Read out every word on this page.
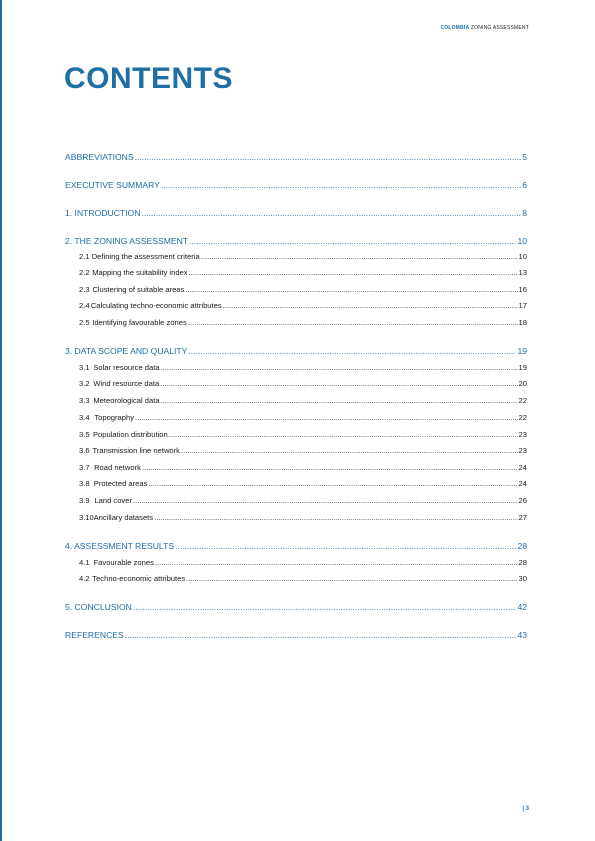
COLOMBIA ZONING ASSESSMENT
CONTENTS
ABBREVIATIONS .....	5
EXECUTIVE SUMMARY .....	6
1. INTRODUCTION .....	8
2. THE ZONING ASSESSMENT .....	10
2.1 Defining the assessment criteria .....	10
2.2 Mapping the suitability index .....	13
2.3 Clustering of suitable areas .....	16
2.4 Calculating techno-economic attributes .....	17
2.5 Identifying favourable zones .....	18
3. DATA SCOPE AND QUALITY .....	19
3.1 Solar resource data .....	19
3.2 Wind resource data .....	20
3.3 Meteorological data .....	22
3.4 Topography .....	22
3.5 Population distribution .....	23
3.6 Transmission line network .....	23
3.7 Road network .....	24
3.8 Protected areas .....	24
3.9 Land cover .....	26
3.10 Ancillary datasets .....	27
4. ASSESSMENT RESULTS .....	28
4.1 Favourable zones .....	28
4.2 Techno-economic attributes .....	30
5. CONCLUSION .....	42
REFERENCES .....	43
| 3
